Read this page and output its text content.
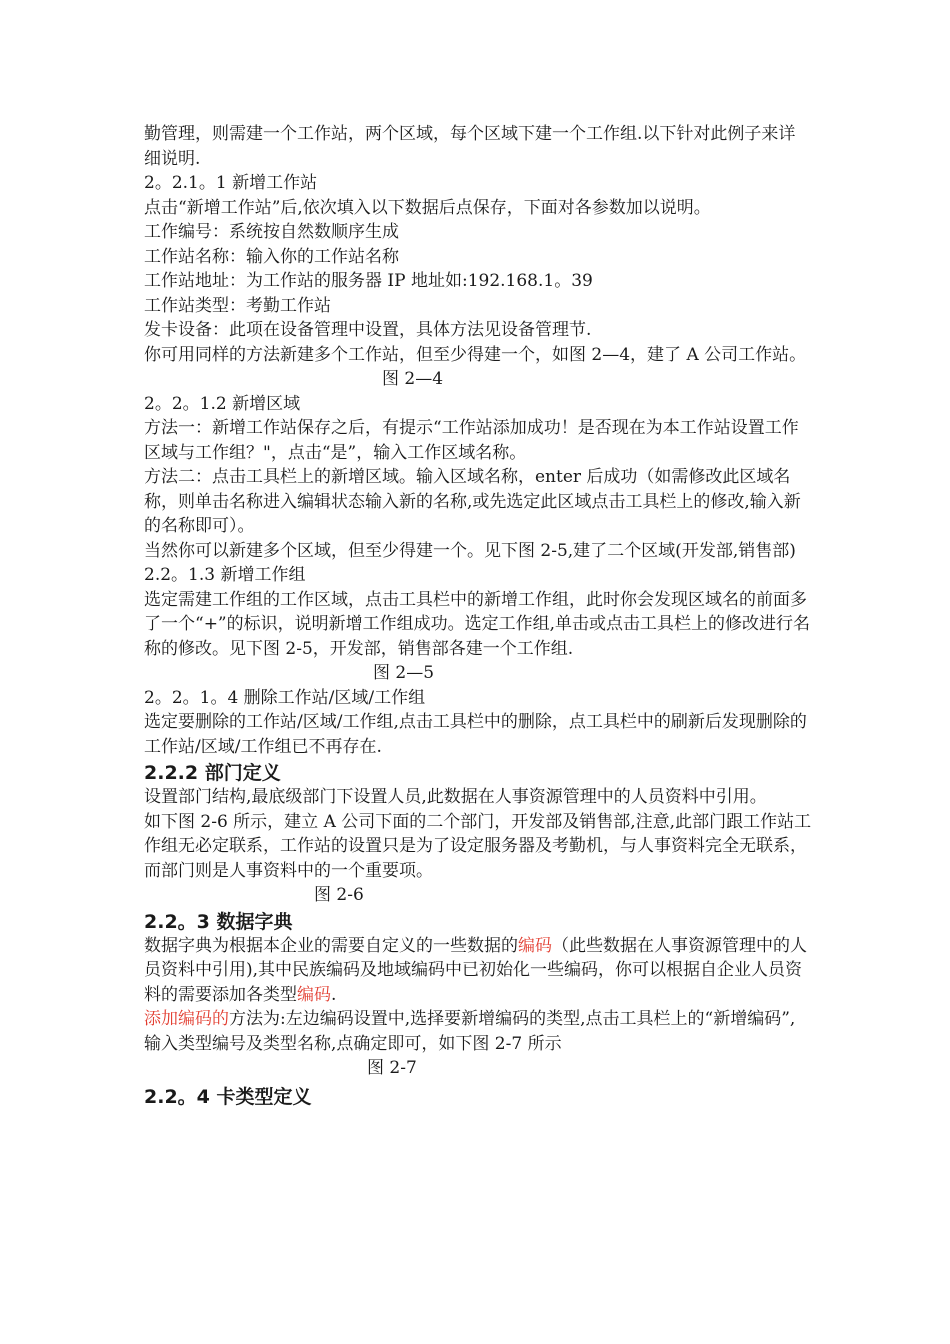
勤管理，则需建一个工作站，两个区域，每个区域下建一个工作组.以下针对此例子来详细说明.

2。2.1。1 新增工作站

点击“新增工作站”后,依次填入以下数据后点保存，下面对各参数加以说明。

工作编号：系统按自然数顺序生成

工作站名称：输入你的工作站名称

工作站地址：为工作站的服务器 IP 地址如:192.168.1。39

工作站类型：考勤工作站

发卡设备：此项在设备管理中设置，具体方法见设备管理节.

你可用同样的方法新建多个工作站，但至少得建一个，如图 2—4，建了 A 公司工作站。

图 2—4

2。2。1.2 新增区域

方法一：新增工作站保存之后，有提示“工作站添加成功！是否现在为本工作站设置工作区域与工作组？"，点击“是”，输入工作区域名称。

方法二：点击工具栏上的新增区域。输入区域名称，enter 后成功（如需修改此区域名称，则单击名称进入编辑状态输入新的名称,或先选定此区域点击工具栏上的修改,输入新的名称即可）。

当然你可以新建多个区域，但至少得建一个。见下图 2-5,建了二个区域(开发部,销售部)

2.2。1.3 新增工作组

选定需建工作组的工作区域，点击工具栏中的新增工作组，此时你会发现区域名的前面多了一个“+”的标识，说明新增工作组成功。选定工作组,单击或点击工具栏上的修改进行名称的修改。见下图 2-5，开发部，销售部各建一个工作组.

图 2—5

2。2。1。4 删除工作站/区域/工作组

选定要删除的工作站/区域/工作组,点击工具栏中的删除，点工具栏中的刷新后发现删除的工作站/区域/工作组已不再存在.

2.2.2 部门定义

设置部门结构,最底级部门下设置人员,此数据在人事资源管理中的人员资料中引用。

如下图 2-6 所示，建立 A 公司下面的二个部门，开发部及销售部,注意,此部门跟工作站工作组无必定联系，工作站的设置只是为了设定服务器及考勤机，与人事资料完全无联系，而部门则是人事资料中的一个重要项。

图 2-6

2.2。3 数据字典

数据字典为根据本企业的需要自定义的一些数据的编码（此些数据在人事资源管理中的人员资料中引用),其中民族编码及地域编码中已初始化一些编码，你可以根据自企业人员资料的需要添加各类型编码.

添加编码的方法为:左边编码设置中,选择要新增编码的类型,点击工具栏上的“新增编码”,输入类型编号及类型名称,点确定即可，如下图 2-7 所示

图 2-7

2.2。4 卡类型定义
